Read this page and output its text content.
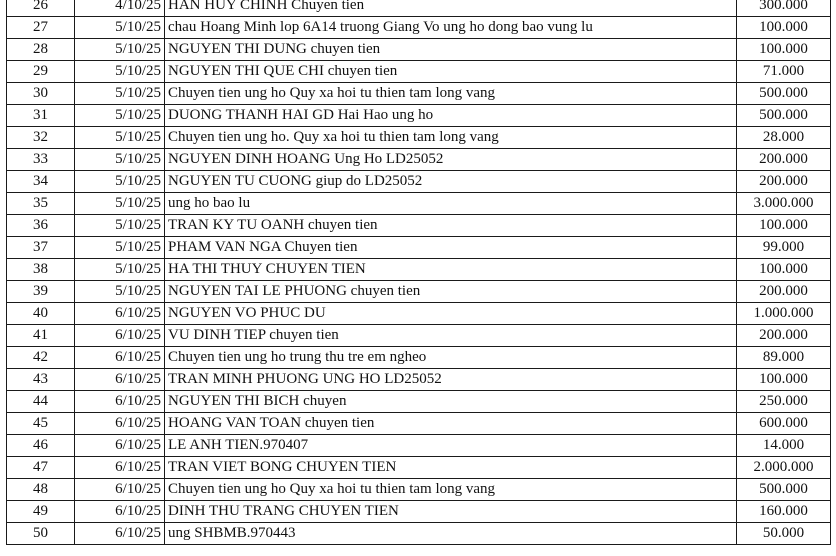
26	4/10/25	HAN HUY CHINH Chuyen tien	300.000
27	5/10/25	chau Hoang Minh lop 6A14 truong Giang Vo ung ho dong bao vung lu	100.000
28	5/10/25	NGUYEN THI DUNG chuyen tien	100.000
29	5/10/25	NGUYEN THI QUE CHI chuyen tien	71.000
30	5/10/25	Chuyen tien ung ho Quy xa hoi tu thien tam long vang	500.000
31	5/10/25	DUONG THANH HAI GD Hai Hao ung ho	500.000
32	5/10/25	Chuyen tien ung ho. Quy xa hoi tu thien tam long vang	28.000
33	5/10/25	NGUYEN DINH HOANG Ung Ho LD25052	200.000
34	5/10/25	NGUYEN TU CUONG giup do LD25052	200.000
35	5/10/25	ung ho bao lu	3.000.000
36	5/10/25	TRAN KY TU OANH chuyen tien	100.000
37	5/10/25	PHAM VAN NGA Chuyen tien	99.000
38	5/10/25	HA THI THUY CHUYEN TIEN	100.000
39	5/10/25	NGUYEN TAI LE PHUONG chuyen tien	200.000
40	6/10/25	NGUYEN VO PHUC DU	1.000.000
41	6/10/25	VU DINH TIEP chuyen tien	200.000
42	6/10/25	Chuyen tien ung ho trung thu tre em ngheo	89.000
43	6/10/25	TRAN MINH PHUONG UNG HO LD25052	100.000
44	6/10/25	NGUYEN THI BICH chuyen	250.000
45	6/10/25	HOANG VAN TOAN chuyen tien	600.000
46	6/10/25	LE ANH TIEN.970407	14.000
47	6/10/25	TRAN VIET BONG CHUYEN TIEN	2.000.000
48	6/10/25	Chuyen tien ung ho Quy xa hoi tu thien tam long vang	500.000
49	6/10/25	DINH THU TRANG CHUYEN TIEN	160.000
50	6/10/25	ung SHBMB.970443	50.000
